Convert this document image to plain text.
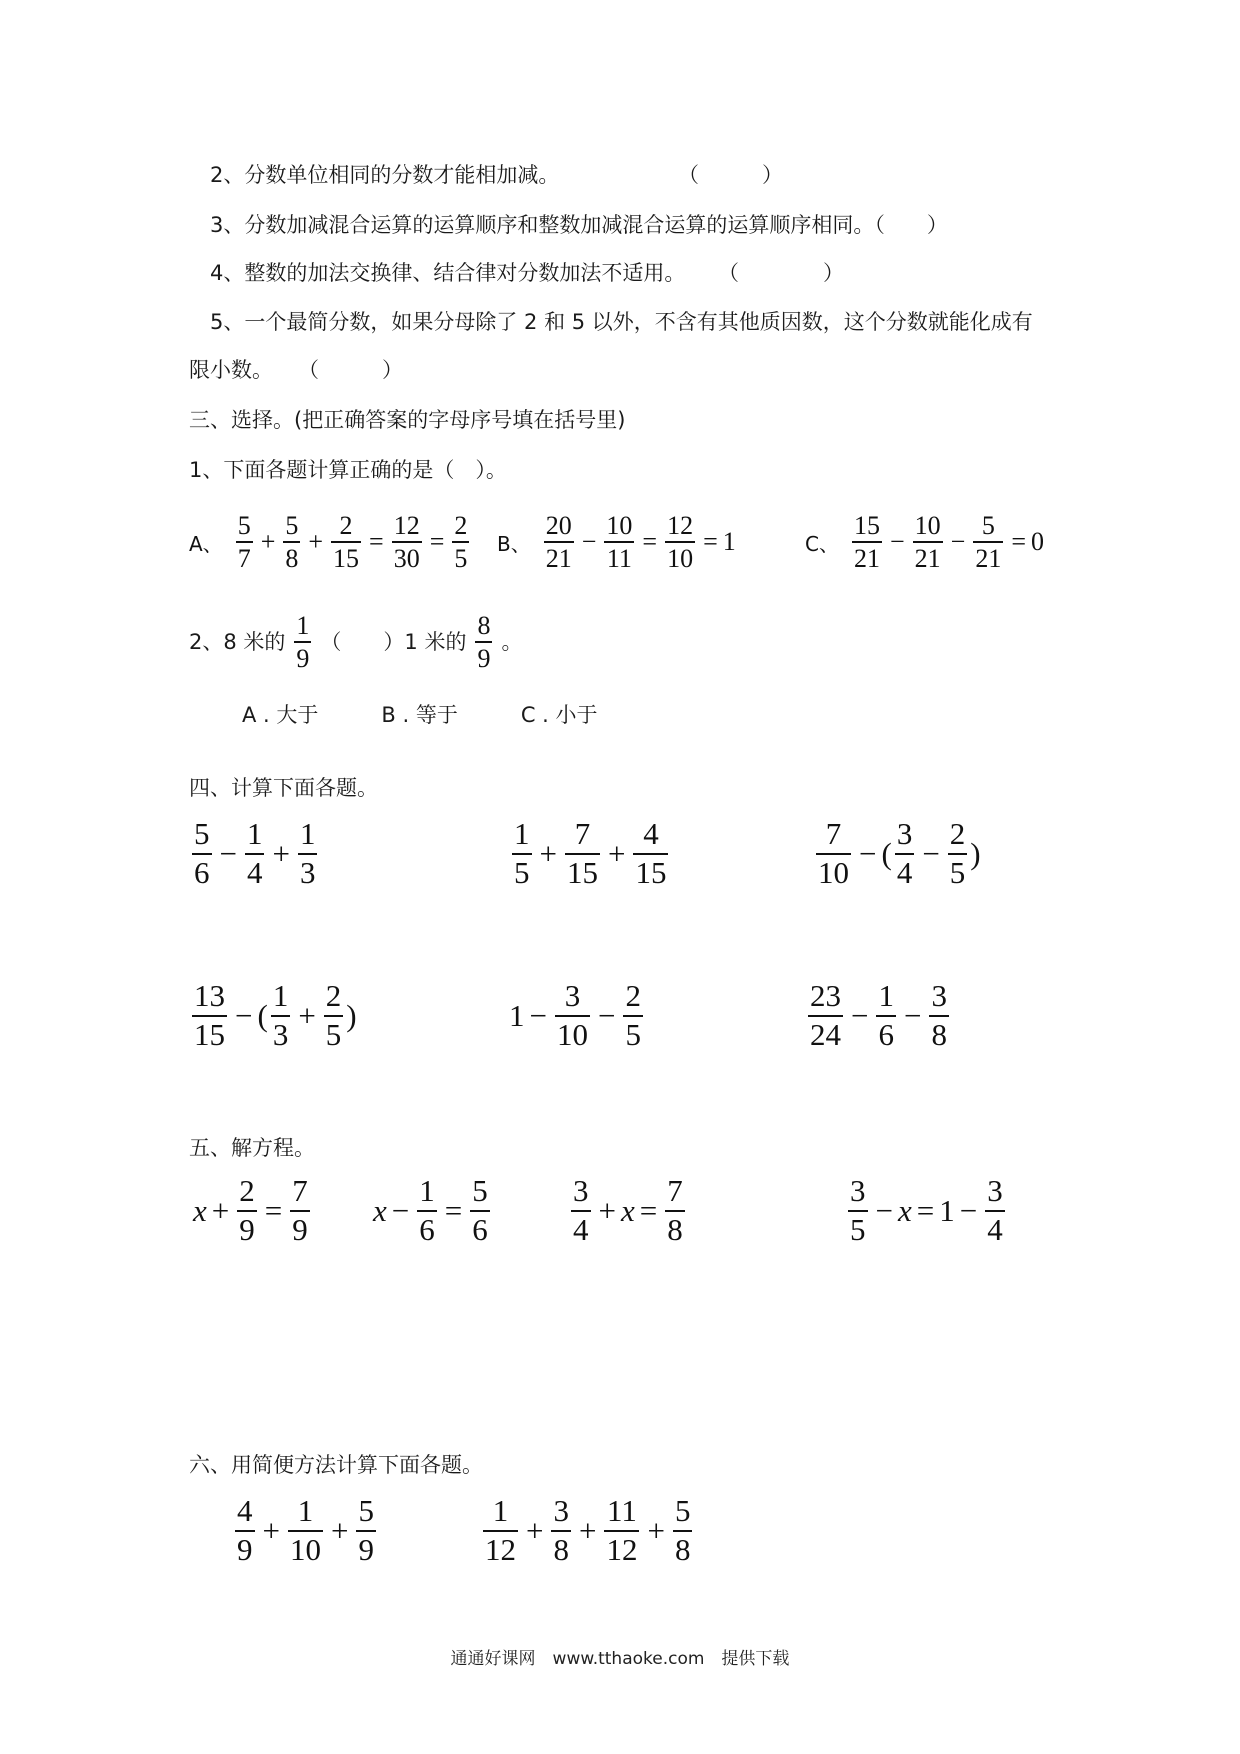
2、分数单位相同的分数才能相加减。	（　　　）
3、分数加减混合运算的运算顺序和整数加减混合运算的运算顺序相同。（　　）
4、整数的加法交换律、结合律对分数加法不适用。 （　　　　）
5、一个最简分数，如果分母除了 2 和 5 以外，不含有其他质因数，这个分数就能化成有
限小数。 （　　　）
三、选择。(把正确答案的字母序号填在括号里)
1、下面各题计算正确的是（　）。
A、 $\frac{5}{7} + \frac{5}{8} + \frac{2}{15} = \frac{12}{30} = \frac{2}{5}$ B、 $\frac{20}{21} - \frac{10}{11} = \frac{12}{10} = 1$	C、 $\frac{15}{21} - \frac{10}{21} - \frac{5}{21} = 0$
2、8 米的 $\frac{1}{9}$ （　　）1 米的 $\frac{8}{9}$ 。
A . 大于　　　B . 等于　　　C . 小于
四、计算下面各题。
$\frac{5}{6} - \frac{1}{4} + \frac{1}{3}$	$\frac{1}{5} + \frac{7}{15} + \frac{4}{15}$	$\frac{7}{10}$ − ( $\frac{3}{4} - \frac{2}{5}$ )
$\frac{13}{15}$ − ( $\frac{1}{3} + \frac{2}{5}$ )	$1 - \frac{3}{10} - \frac{2}{5}$	$\frac{23}{24} - \frac{1}{6} - \frac{3}{8}$
五、解方程。
$x + \frac{2}{9} = \frac{7}{9}$ $x - \frac{1}{6} = \frac{5}{6}$	$\frac{3}{4} + x = \frac{7}{8}$	$\frac{3}{5} - x = 1 - \frac{3}{4}$
六、用简便方法计算下面各题。
$\frac{4}{9} + \frac{1}{10} + \frac{5}{9}$	$\frac{1}{12} + \frac{3}{8} + \frac{11}{12} + \frac{5}{8}$
通通好课网　www.tthaoke.com　提供下载
